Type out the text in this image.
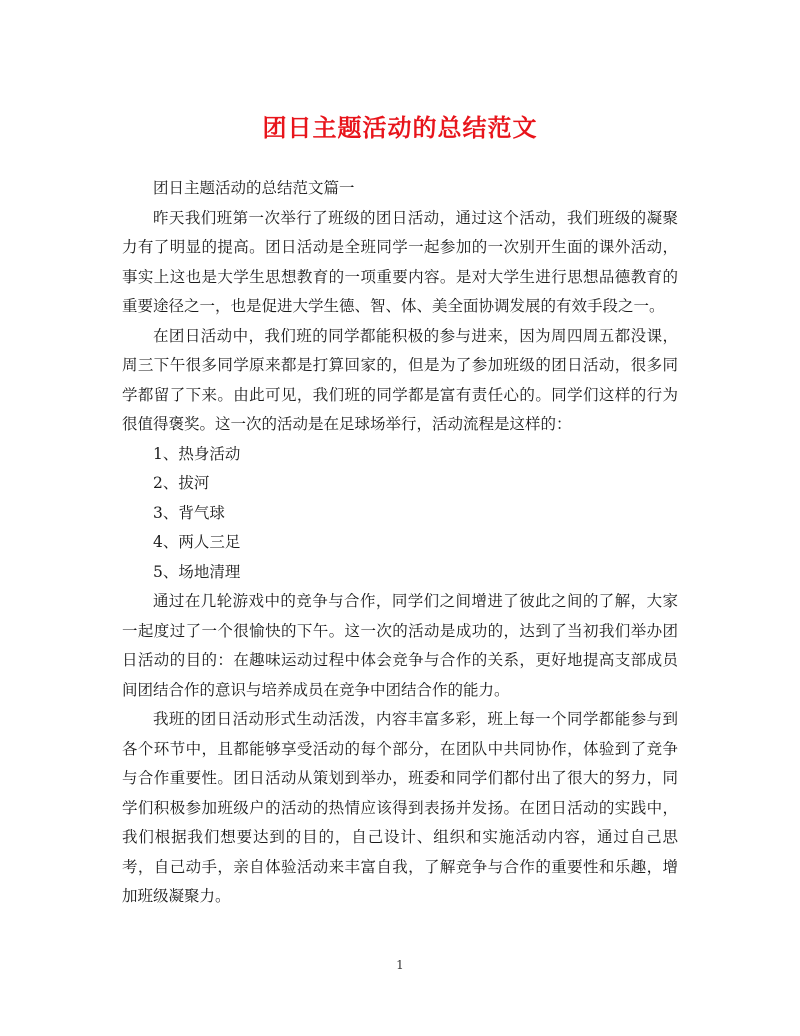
团日主题活动的总结范文

团日主题活动的总结范文篇一

昨天我们班第一次举行了班级的团日活动，通过这个活动，我们班级的凝聚力有了明显的提高。团日活动是全班同学一起参加的一次别开生面的课外活动，事实上这也是大学生思想教育的一项重要内容。是对大学生进行思想品德教育的重要途径之一，也是促进大学生德、智、体、美全面协调发展的有效手段之一。

在团日活动中，我们班的同学都能积极的参与进来，因为周四周五都没课，周三下午很多同学原来都是打算回家的，但是为了参加班级的团日活动，很多同学都留了下来。由此可见，我们班的同学都是富有责任心的。同学们这样的行为很值得褒奖。这一次的活动是在足球场举行，活动流程是这样的：

1、热身活动

2、拔河

3、背气球

4、两人三足

5、场地清理

通过在几轮游戏中的竞争与合作，同学们之间增进了彼此之间的了解，大家一起度过了一个很愉快的下午。这一次的活动是成功的，达到了当初我们举办团日活动的目的：在趣味运动过程中体会竞争与合作的关系，更好地提高支部成员间团结合作的意识与培养成员在竞争中团结合作的能力。

我班的团日活动形式生动活泼，内容丰富多彩，班上每一个同学都能参与到各个环节中，且都能够享受活动的每个部分，在团队中共同协作，体验到了竞争与合作重要性。团日活动从策划到举办，班委和同学们都付出了很大的努力，同学们积极参加班级户的活动的热情应该得到表扬并发扬。在团日活动的实践中，我们根据我们想要达到的目的，自己设计、组织和实施活动内容，通过自己思考，自己动手，亲自体验活动来丰富自我，了解竞争与合作的重要性和乐趣，增加班级凝聚力。

1
